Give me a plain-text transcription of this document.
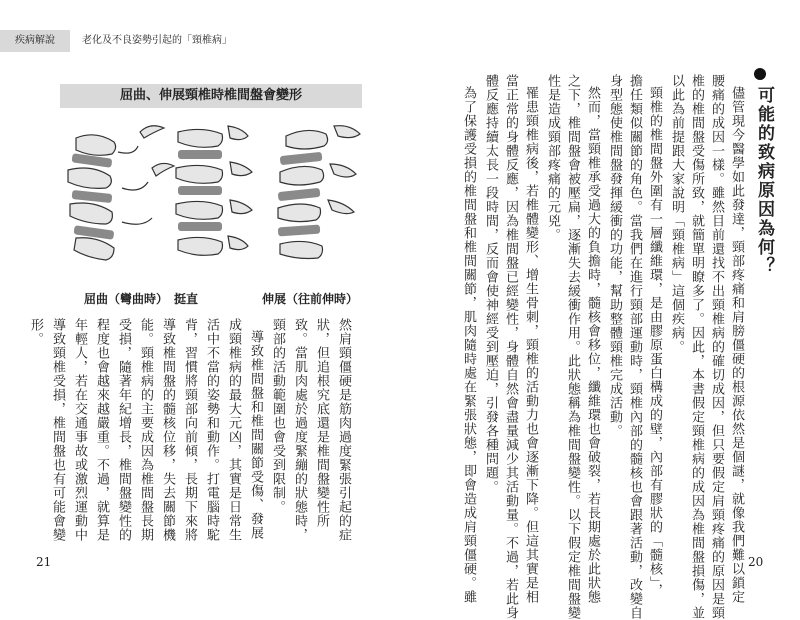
疾病解說	老化及不良姿勢引起的「頸椎病」
屈曲、伸展頸椎時椎間盤會變形
屈曲（彎曲時） 挺直	伸展（往前伸時）
可能的致病原因為何？
儘管現今醫學如此發達，頸部疼痛和肩膀僵硬的根源依然是個謎，就像我們難以鎖定
腰痛的成因一樣。雖然目前還找不出頸椎病的確切成因，但只要假定肩頸疼痛的原因是頸
椎的椎間盤受傷所致，就簡單明瞭多了。因此，本書假定頸椎病的成因為椎間盤損傷，並
以此為前提跟大家說明「頸椎病」這個疾病。
頸椎的椎間盤外圍有一層纖維環，是由膠原蛋白構成的壁，內部有膠狀的「髓核」，
擔任類似關節的角色。當我們在進行頸部運動時，頸椎內部的髓核也會跟著活動，改變自
身型態使椎間盤發揮緩衝的功能，幫助整體頸椎完成活動。
然而，當頸椎承受過大的負擔時，髓核會移位，纖維環也會破裂，若長期處於此狀態
之下，椎間盤會被壓扁，逐漸失去緩衝作用。此狀態稱為椎間盤變性。以下假定椎間盤變
性是造成頸部疼痛的元兇。
罹患頸椎病後，若椎體變形、增生骨刺，頸椎的活動力也會逐漸下降。但這其實是相
當正常的身體反應，因為椎間盤已經變性，身體自然會盡量減少其活動量。不過，若此身
體反應持續太長一段時間，反而會使神經受到壓迫，引發各種問題。
為了保護受損的椎間盤和椎間關節，肌肉隨時處在緊張狀態，即會造成肩頸僵硬。雖	20
然肩頸僵硬是筋肉過度緊張引起的症
狀，但追根究底還是椎間盤變性所
致。當肌肉處於過度緊繃的狀態時，
頸部的活動範圍也會受到限制。
導致椎間盤和椎間關節受傷、發展
成頸椎病的最大元凶，其實是日常生
活中不當的姿勢和動作。打電腦時駝
背，習慣將頸部向前傾，長期下來將
導致椎間盤的髓核位移，失去關節機
能。頸椎病的主要成因為椎間盤長期
受損，隨著年紀增長，椎間盤變性的
程度也會越來越嚴重。不過，就算是
年輕人，若在交通事故或激烈運動中
導致頸椎受損，椎間盤也有可能會變
形。
21
